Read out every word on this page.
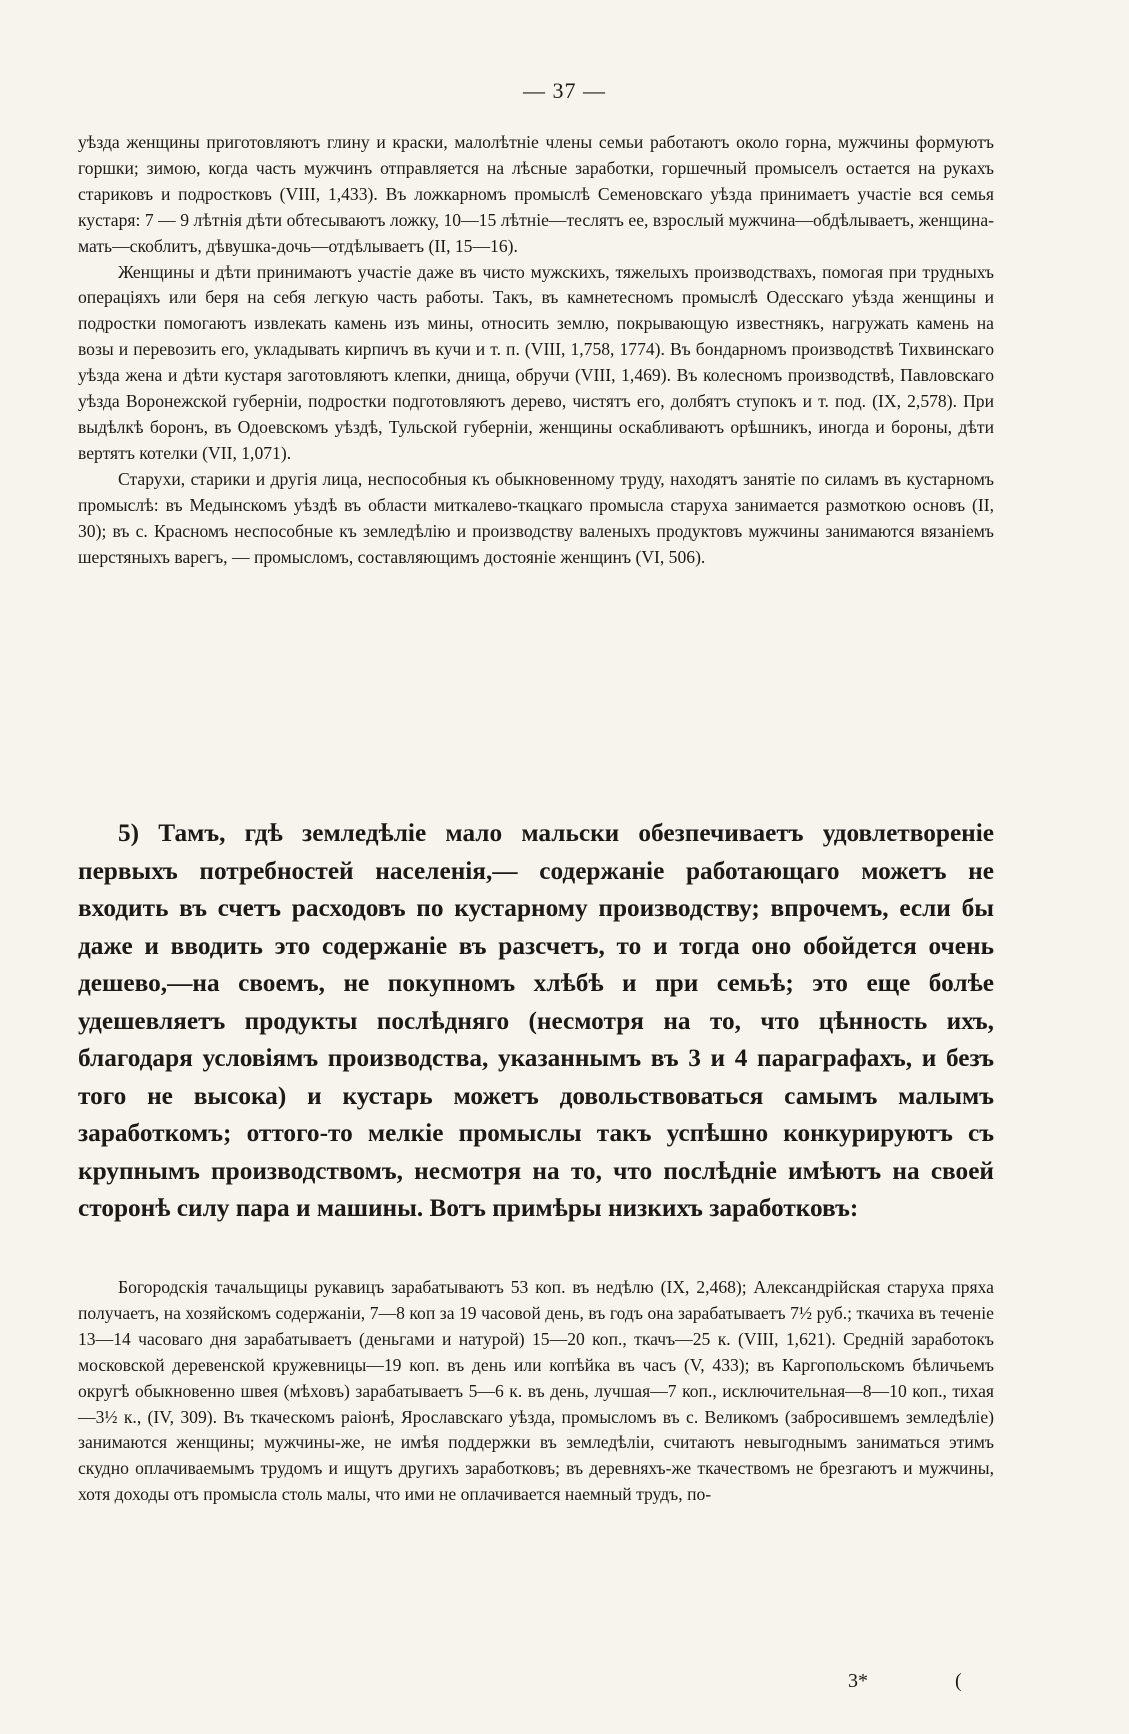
— 37 —

уѣзда женщины приготовляютъ глину и краски, малолѣтніе члены семьи работаютъ около горна, мужчины формуютъ горшки; зимою, когда часть мужчинъ отправляется на лѣсные заработки, горшечный промыселъ остается на рукахъ стариковъ и подростковъ (VIII, 1,433). Въ ложкарномъ промыслѣ Семеновскаго уѣзда принимаетъ участіе вся семья кустаря: 7 — 9 лѣтнія дѣти обтесываютъ ложку, 10—15 лѣтніе—теслятъ ее, взрослый мужчина—обдѣлываетъ, женщина-мать—скоблитъ, дѣвушка-дочь—отдѣлываетъ (II, 15—16).

Женщины и дѣти принимаютъ участіе даже въ чисто мужскихъ, тяжелыхъ производствахъ, помогая при трудныхъ операціяхъ или беря на себя легкую часть работы. Такъ, въ камнетесномъ промыслѣ Одесскаго уѣзда женщины и подростки помогаютъ извлекать камень изъ мины, относить землю, покрывающую известнякъ, нагружать камень на возы и перевозить его, укладывать кирпичъ въ кучи и т. п. (VIII, 1,758, 1774). Въ бондарномъ производствѣ Тихвинскаго уѣзда жена и дѣти кустаря заготовляютъ клепки, днища, обручи (VIII, 1,469). Въ колесномъ производствѣ, Павловскаго уѣзда Воронежской губерніи, подростки подготовляютъ дерево, чистятъ его, долбятъ ступокъ и т. под. (IX, 2,578). При выдѣлкѣ боронъ, въ Одоевскомъ уѣздѣ, Тульской губерніи, женщины оскабливаютъ орѣшникъ, иногда и бороны, дѣти вертятъ котелки (VII, 1,071).

Старухи, старики и другія лица, неспособныя къ обыкновенному труду, находятъ занятіе по силамъ въ кустарномъ промыслѣ: въ Медынскомъ уѣздѣ въ области миткалево-ткацкаго промысла старуха занимается размоткою основъ (II, 30); въ с. Красномъ неспособные къ земледѣлію и производству валеныхъ продуктовъ мужчины занимаются вязаніемъ шерстяныхъ варегъ, — промысломъ, составляющимъ достояніе женщинъ (VI, 506).

5) Тамъ, гдѣ земледѣліе мало мальски обезпечиваетъ удовлетвореніе первыхъ потребностей населенія,— содержаніе работающаго можетъ не входить въ счетъ расходовъ по кустарному производству; впрочемъ, если бы даже и вводить это содержаніе въ разсчетъ, то и тогда оно обойдется очень дешево,—на своемъ, не покупномъ хлѣбѣ и при семьѣ; это еще болѣе удешевляетъ продукты послѣдняго (несмотря на то, что цѣнность ихъ, благодаря условіямъ производства, указаннымъ въ 3 и 4 параграфахъ, и безъ того не высока) и кустарь можетъ довольствоваться самымъ малымъ заработкомъ; оттого-то мелкіе промыслы такъ успѣшно конкурируютъ съ крупнымъ производствомъ, несмотря на то, что послѣдніе имѣютъ на своей сторонѣ силу пара и машины. Вотъ примѣры низкихъ заработковъ:

Богородскія тачальщицы рукавицъ зарабатываютъ 53 коп. въ недѣлю (IX, 2,468); Александрійская старуха пряха получаетъ, на хозяйскомъ содержаніи, 7—8 коп за 19 часовой день, въ годъ она зарабатываетъ 7½ руб.; ткачиха въ теченіе 13—14 часоваго дня зарабатываетъ (деньгами и натурой) 15—20 коп., ткачъ—25 к. (VIII, 1,621). Средній заработокъ московской деревенской кружевницы—19 коп. въ день или копѣйка въ часъ (V, 433); въ Каргопольскомъ бѣличьемъ округѣ обыкновенно швея (мѣховъ) зарабатываетъ 5—6 к. въ день, лучшая—7 коп., исключительная—8—10 коп., тихая—3½ к., (IV, 309). Въ ткаческомъ раіонѣ, Ярославскаго уѣзда, промысломъ въ с. Великомъ (забросившемъ земледѣліе) занимаются женщины; мужчины-же, не имѣя поддержки въ земледѣліи, считаютъ невыгоднымъ заниматься этимъ скудно оплачиваемымъ трудомъ и ищутъ другихъ заработковъ; въ деревняхъ-же ткачествомъ не брезгаютъ и мужчины, хотя доходы отъ промысла столь малы, что ими не оплачивается наемный трудъ, по-

3*	(
